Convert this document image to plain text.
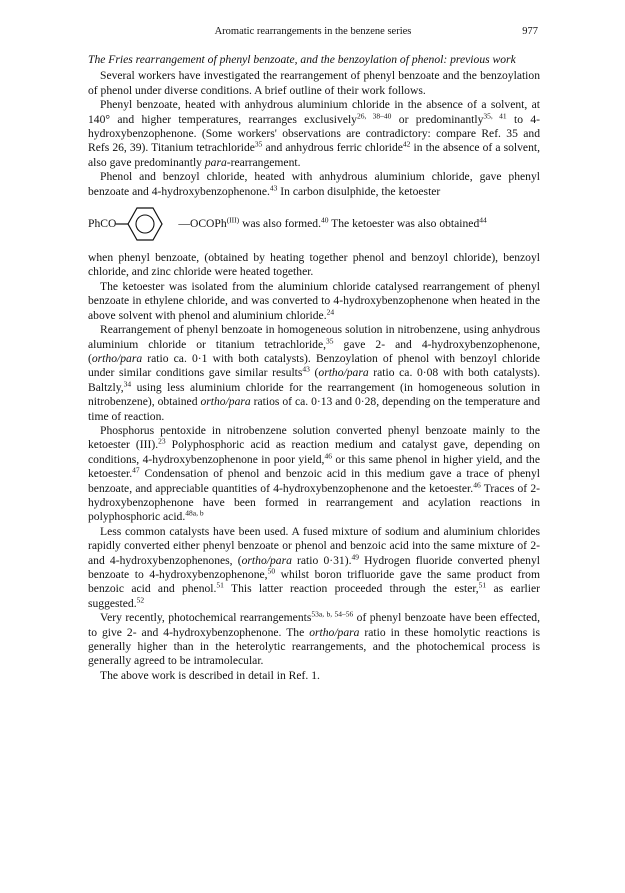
Aromatic rearrangements in the benzene series	977

The Fries rearrangement of phenyl benzoate, and the benzoylation of phenol: previous work

Several workers have investigated the rearrangement of phenyl benzoate and the benzoylation of phenol under diverse conditions. A brief outline of their work follows.

Phenyl benzoate, heated with anhydrous aluminium chloride in the absence of a solvent, at 140° and higher temperatures, rearranges exclusively$^{26, 38-40}$ or predominantly$^{35, 41}$ to 4-hydroxybenzophenone. (Some workers' observations are contradictory: compare Ref. 35 and Refs 26, 39). Titanium tetrachloride$^{35}$ and anhydrous ferric chloride$^{42}$ in the absence of a solvent, also gave predominantly para-rearrangement.

Phenol and benzoyl chloride, heated with anhydrous aluminium chloride, gave phenyl benzoate and 4-hydroxybenzophenone.$^{43}$ In carbon disulphide, the ketoester

PhCO	—OCOPh$^{(III)}$ was also formed.$^{40}$ The ketoester was also obtained$^{44}$

when phenyl benzoate, (obtained by heating together phenol and benzoyl chloride), benzoyl chloride, and zinc chloride were heated together.

The ketoester was isolated from the aluminium chloride catalysed rearrangement of phenyl benzoate in ethylene chloride, and was converted to 4-hydroxybenzophenone when heated in the above solvent with phenol and aluminium chloride.$^{24}$

Rearrangement of phenyl benzoate in homogeneous solution in nitrobenzene, using anhydrous aluminium chloride or titanium tetrachloride,$^{35}$ gave 2- and 4-hydroxybenzophenone, (ortho/para ratio ca. 0·1 with both catalysts). Benzoylation of phenol with benzoyl chloride under similar conditions gave similar results$^{43}$ (ortho/para ratio ca. 0·08 with both catalysts). Baltzly,$^{34}$ using less aluminium chloride for the rearrangement (in homogeneous solution in nitrobenzene), obtained ortho/para ratios of ca. 0·13 and 0·28, depending on the temperature and time of reaction.

Phosphorus pentoxide in nitrobenzene solution converted phenyl benzoate mainly to the ketoester (III).$^{23}$ Polyphosphoric acid as reaction medium and catalyst gave, depending on conditions, 4-hydroxybenzophenone in poor yield,$^{46}$ or this same phenol in higher yield, and the ketoester.$^{47}$ Condensation of phenol and benzoic acid in this medium gave a trace of phenyl benzoate, and appreciable quantities of 4-hydroxybenzophenone and the ketoester.$^{46}$ Traces of 2-hydroxybenzophenone have been formed in rearrangement and acylation reactions in polyphosphoric acid.$^{48a, b}$

Less common catalysts have been used. A fused mixture of sodium and aluminium chlorides rapidly converted either phenyl benzoate or phenol and benzoic acid into the same mixture of 2- and 4-hydroxybenzophenones, (ortho/para ratio 0·31).$^{49}$ Hydrogen fluoride converted phenyl benzoate to 4-hydroxybenzophenone,$^{50}$ whilst boron trifluoride gave the same product from benzoic acid and phenol.$^{51}$ This latter reaction proceeded through the ester,$^{51}$ as earlier suggested.$^{52}$

Very recently, photochemical rearrangements$^{53a, b, 54-56}$ of phenyl benzoate have been effected, to give 2- and 4-hydroxybenzophenone. The ortho/para ratio in these homolytic reactions is generally higher than in the heterolytic rearrangements, and the photochemical process is generally agreed to be intramolecular.

The above work is described in detail in Ref. 1.
